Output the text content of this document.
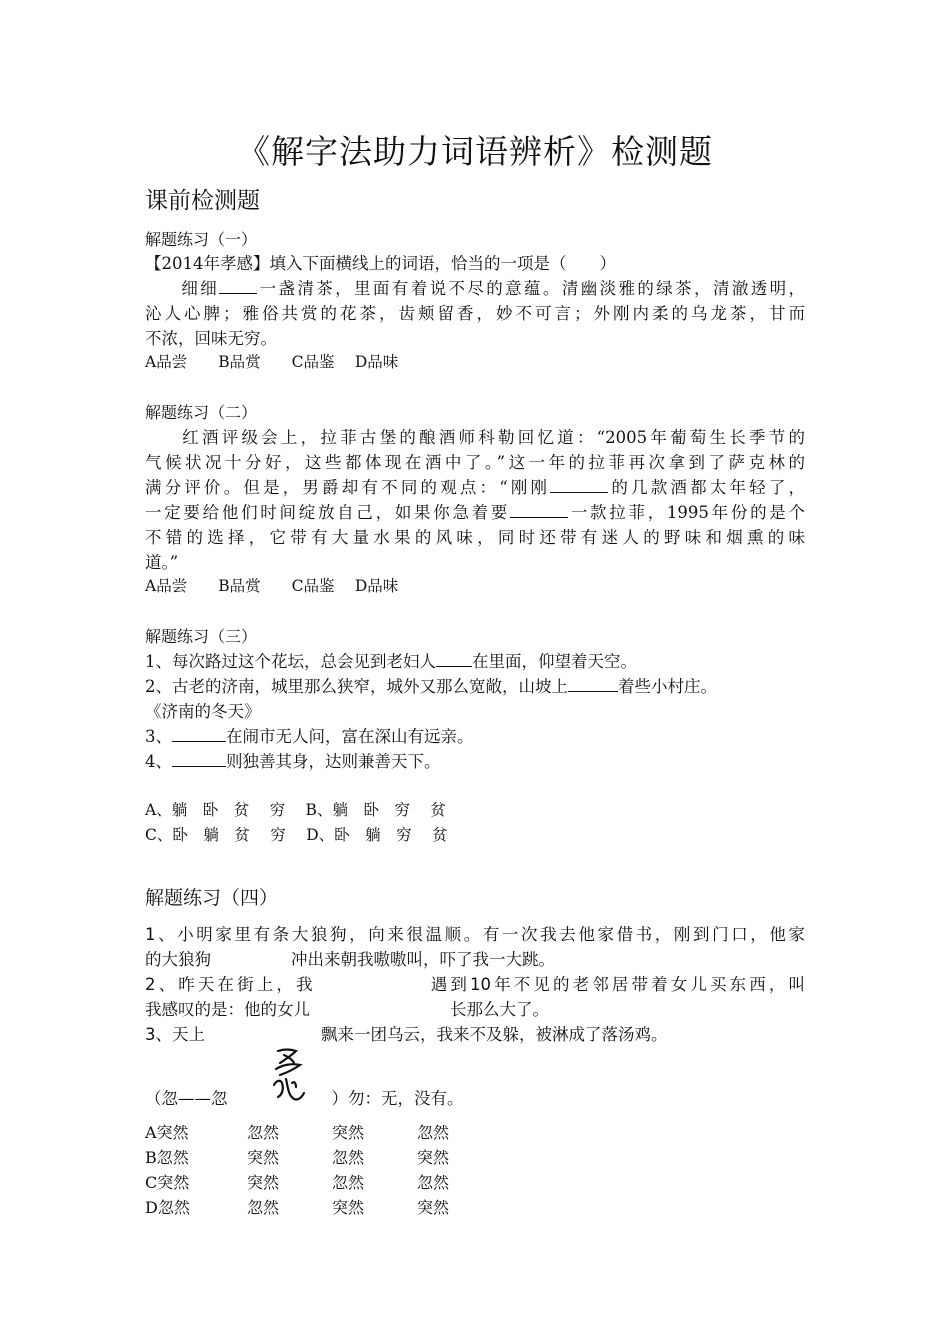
《解字法助力词语辨析》检测题
课前检测题
解题练习（一）
【2014年孝感】填入下面横线上的词语，恰当的一项是（　　）
细细 一盏清茶，里面有着说不尽的意蕴。清幽淡雅的绿茶，清澈透明，
沁人心脾；雅俗共赏的花茶，齿颊留香，妙不可言；外刚内柔的乌龙茶，甘而
不浓，回味无穷。
A品尝　　B品赏　　C品鉴　 D品味
解题练习（二）
红酒评级会上，拉菲古堡的酿酒师科勒回忆道：“2005年葡萄生长季节的
气候状况十分好，这些都体现在酒中了。”这一年的拉菲再次拿到了萨克林的
满分评价。但是，男爵却有不同的观点：“刚刚	的几款酒都太年轻了，
一定要给他们时间绽放自己，如果你急着要	一款拉菲，1995年份的是个
不错的选择，它带有大量水果的风味，同时还带有迷人的野味和烟熏的味
道。”
A品尝　　B品赏　　C品鉴　 D品味
解题练习（三）
1、每次路过这个花坛，总会见到老妇人 在里面，仰望着天空。
2、古老的济南，城里那么狭窄，城外又那么宽敞，山坡上	着些小村庄。
《济南的冬天》
3、	在闹市无人问，富在深山有远亲。
4、	则独善其身，达则兼善天下。
A、躺　卧　贫　 穷　 B、躺　卧　穷　 贫
C、卧　躺　贫　 穷　 D、卧　躺　穷　 贫
解题练习（四）
1、小明家里有条大狼狗，向来很温顺。有一次我去他家借书，刚到门口，他家
的大狼狗	冲出来朝我嗷嗷叫，吓了我一大跳。
2、昨天在街上，我	遇到10年不见的老邻居带着女儿买东西，叫
我感叹的是：他的女儿	长那么大了。
3、天上	飘来一团乌云，我来不及躲，被淋成了落汤鸡。
（忽——忽	）勿：无，没有。
A突然	忽然	突然	忽然
B忽然	突然	忽然	突然
C突然	突然	忽然	忽然
D忽然	忽然	突然	突然
